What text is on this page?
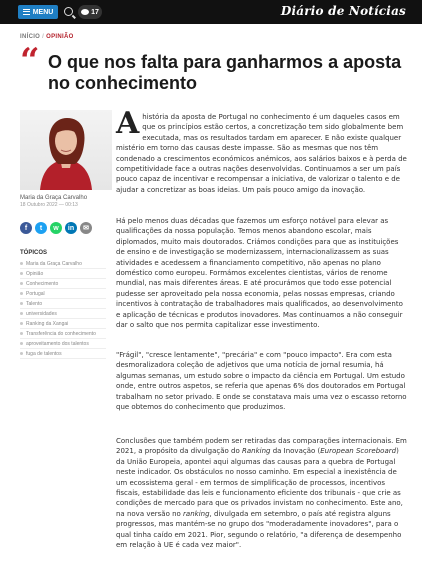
MENU	17	Diário de Notícias
INÍCIO / OPINIÃO
“ O que nos falta para ganharmos a aposta no conhecimento
Maria da Graça Carvalho
18 Outubro 2022 — 00:13
f t w in ✉
TÓPICOS
Maria da Graça Carvalho
Opinião
Conhecimento
Portugal
Talento
universidades
Ranking da Xangai
Transferência do conhecimento
aproveitamento dos talentos
fuga de talentos

Ahistória da aposta de Portugal no conhecimento é um daqueles casos em que os princípios estão certos, a concretização tem sido globalmente bem executada, mas os resultados tardam em aparecer. E não existe qualquer mistério em torno das causas deste impasse. São as mesmas que nos têm condenado a crescimentos económicos anémicos, aos salários baixos e à perda de competitividade face a outras nações desenvolvidas. Continuamos a ser um país pouco capaz de incentivar e recompensar a iniciativa, de valorizar o talento e de ajudar a concretizar as boas ideias. Um país pouco amigo da inovação.

Há pelo menos duas décadas que fazemos um esforço notável para elevar as qualificações da nossa população. Temos menos abandono escolar, mais diplomados, muito mais doutorados. Criámos condições para que as instituições de ensino e de investigação se modernizassem, internacionalizassem as suas atividades e acedessem a financiamento competitivo, não apenas no plano doméstico como europeu. Formámos excelentes cientistas, vários de renome mundial, nas mais diferentes áreas. E até procurámos que todo esse potencial pudesse ser aproveitado pela nossa economia, pelas nossas empresas, criando incentivos à contratação de trabalhadores mais qualificados, ao desenvolvimento e aplicação de técnicas e produtos inovadores. Mas continuamos a não conseguir dar o salto que nos permita capitalizar esse investimento.

"Frágil", "cresce lentamente", "precária" e com "pouco impacto". Era com esta desmoralizadora coleção de adjetivos que uma notícia de jornal resumia, há algumas semanas, um estudo sobre o impacto da ciência em Portugal. Um estudo onde, entre outros aspetos, se referia que apenas 6% dos doutorados em Portugal trabalham no setor privado. E onde se constatava mais uma vez o escasso retorno que obtemos do conhecimento que produzimos.

Conclusões que também podem ser retiradas das comparações internacionais. Em 2021, a propósito da divulgação do Ranking da Inovação (European Scoreboard) da União Europeia, apontei aqui algumas das causas para a quebra de Portugal neste indicador. Os obstáculos no nosso caminho. Em especial a inexistência de um ecossistema geral - em termos de simplificação de processos, incentivos fiscais, estabilidade das leis e funcionamento eficiente dos tribunais - que crie as condições de mercado para que os privados invistam no conhecimento. Este ano, na nova versão no ranking, divulgada em setembro, o país até registra alguns progressos, mas mantém-se no grupo dos "moderadamente inovadores", para o qual tinha caído em 2021. Pior, segundo o relatório, "a diferença de desempenho em relação à UE é cada vez maior".
